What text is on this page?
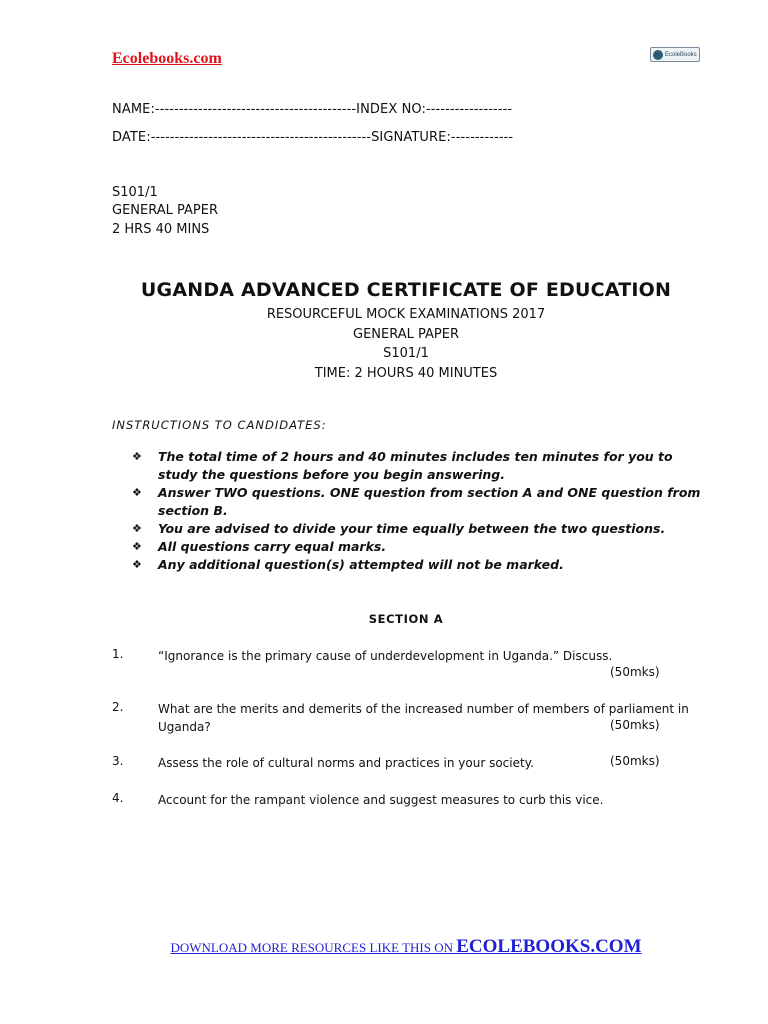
Ecolebooks.com	EcoleBooks
NAME:------------------------------------------INDEX NO:------------------
DATE:----------------------------------------------SIGNATURE:-------------
S101/1
GENERAL PAPER
2 HRS 40 MINS
UGANDA ADVANCED CERTIFICATE OF EDUCATION
RESOURCEFUL MOCK EXAMINATIONS 2017
GENERAL PAPER
S101/1
TIME: 2 HOURS 40 MINUTES
INSTRUCTIONS TO CANDIDATES:
❖	The total time of 2 hours and 40 minutes includes ten minutes for you to study the questions before you begin answering.
❖	Answer TWO questions. ONE question from section A and ONE question from section B.
❖	You are advised to divide your time equally between the two questions.
❖	All questions carry equal marks.
❖	Any additional question(s) attempted will not be marked.
SECTION A
1.	“Ignorance is the primary cause of underdevelopment in Uganda.” Discuss.
(50mks)
2.	What are the merits and demerits of the increased number of members of parliament in Uganda?	(50mks)
3.	Assess the role of cultural norms and practices in your society.	(50mks)
4.	Account for the rampant violence and suggest measures to curb this vice.
DOWNLOAD MORE RESOURCES LIKE THIS ON ECOLEBOOKS.COM
